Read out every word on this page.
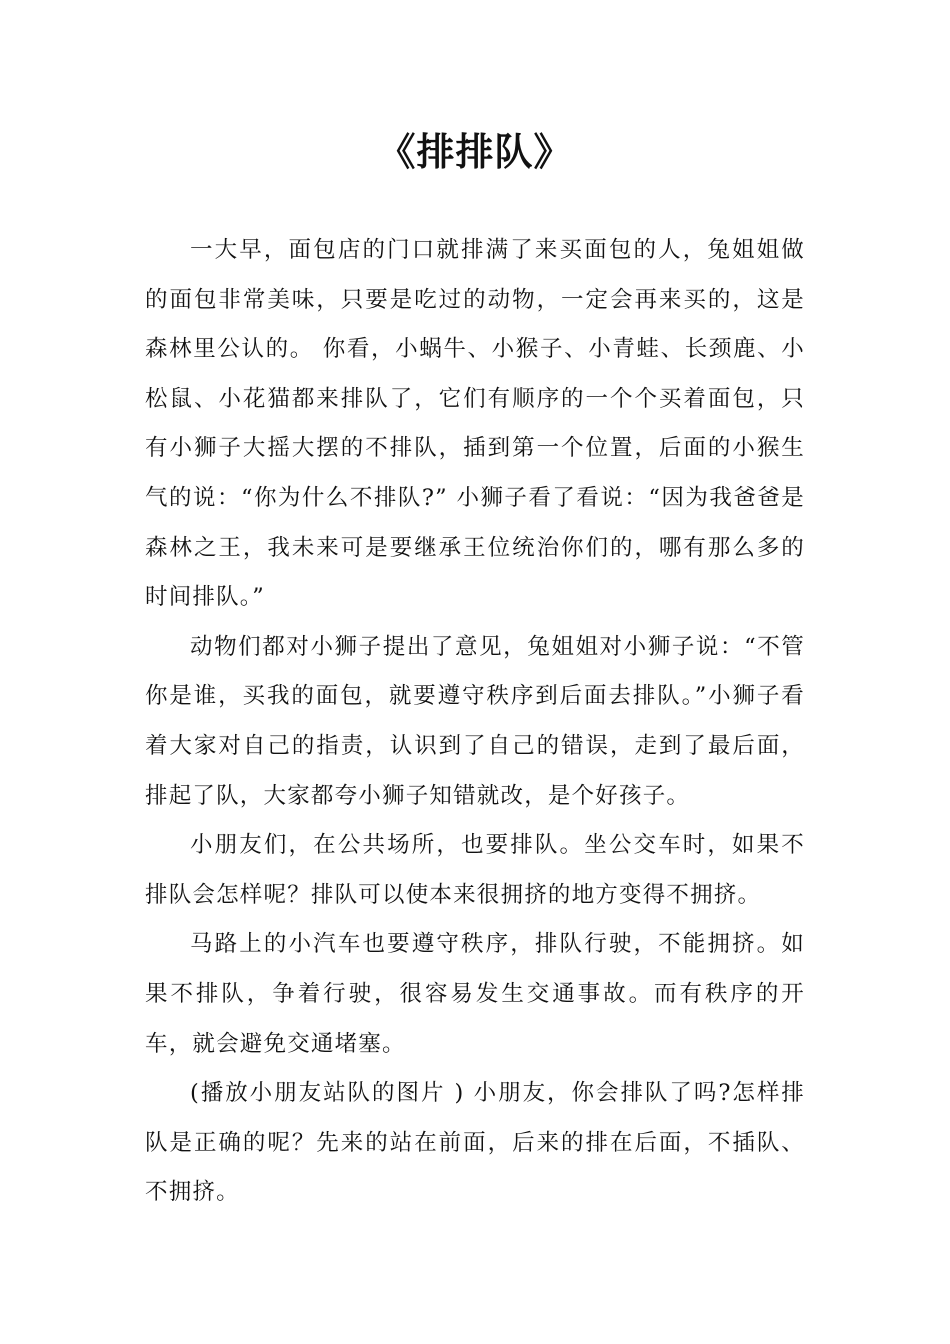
《排排队》

一大早，面包店的门口就排满了来买面包的人，兔姐姐做的面包非常美味，只要是吃过的动物，一定会再来买的，这是森林里公认的。 你看，小蜗牛、小猴子、小青蛙、长颈鹿、小松鼠、小花猫都来排队了，它们有顺序的一个个买着面包，只有小狮子大摇大摆的不排队，插到第一个位置，后面的小猴生气的说：“你为什么不排队?” 小狮子看了看说：“因为我爸爸是森林之王，我未来可是要继承王位统治你们的，哪有那么多的时间排队。”

动物们都对小狮子提出了意见，兔姐姐对小狮子说：“不管你是谁，买我的面包，就要遵守秩序到后面去排队。”小狮子看着大家对自己的指责，认识到了自己的错误，走到了最后面，排起了队，大家都夸小狮子知错就改，是个好孩子。

小朋友们，在公共场所，也要排队。坐公交车时，如果不排队会怎样呢？排队可以使本来很拥挤的地方变得不拥挤。

马路上的小汽车也要遵守秩序，排队行驶，不能拥挤。如果不排队，争着行驶，很容易发生交通事故。而有秩序的开车，就会避免交通堵塞。

(播放小朋友站队的图片 ) 小朋友，你会排队了吗?怎样排队是正确的呢？先来的站在前面，后来的排在后面，不插队、不拥挤。
